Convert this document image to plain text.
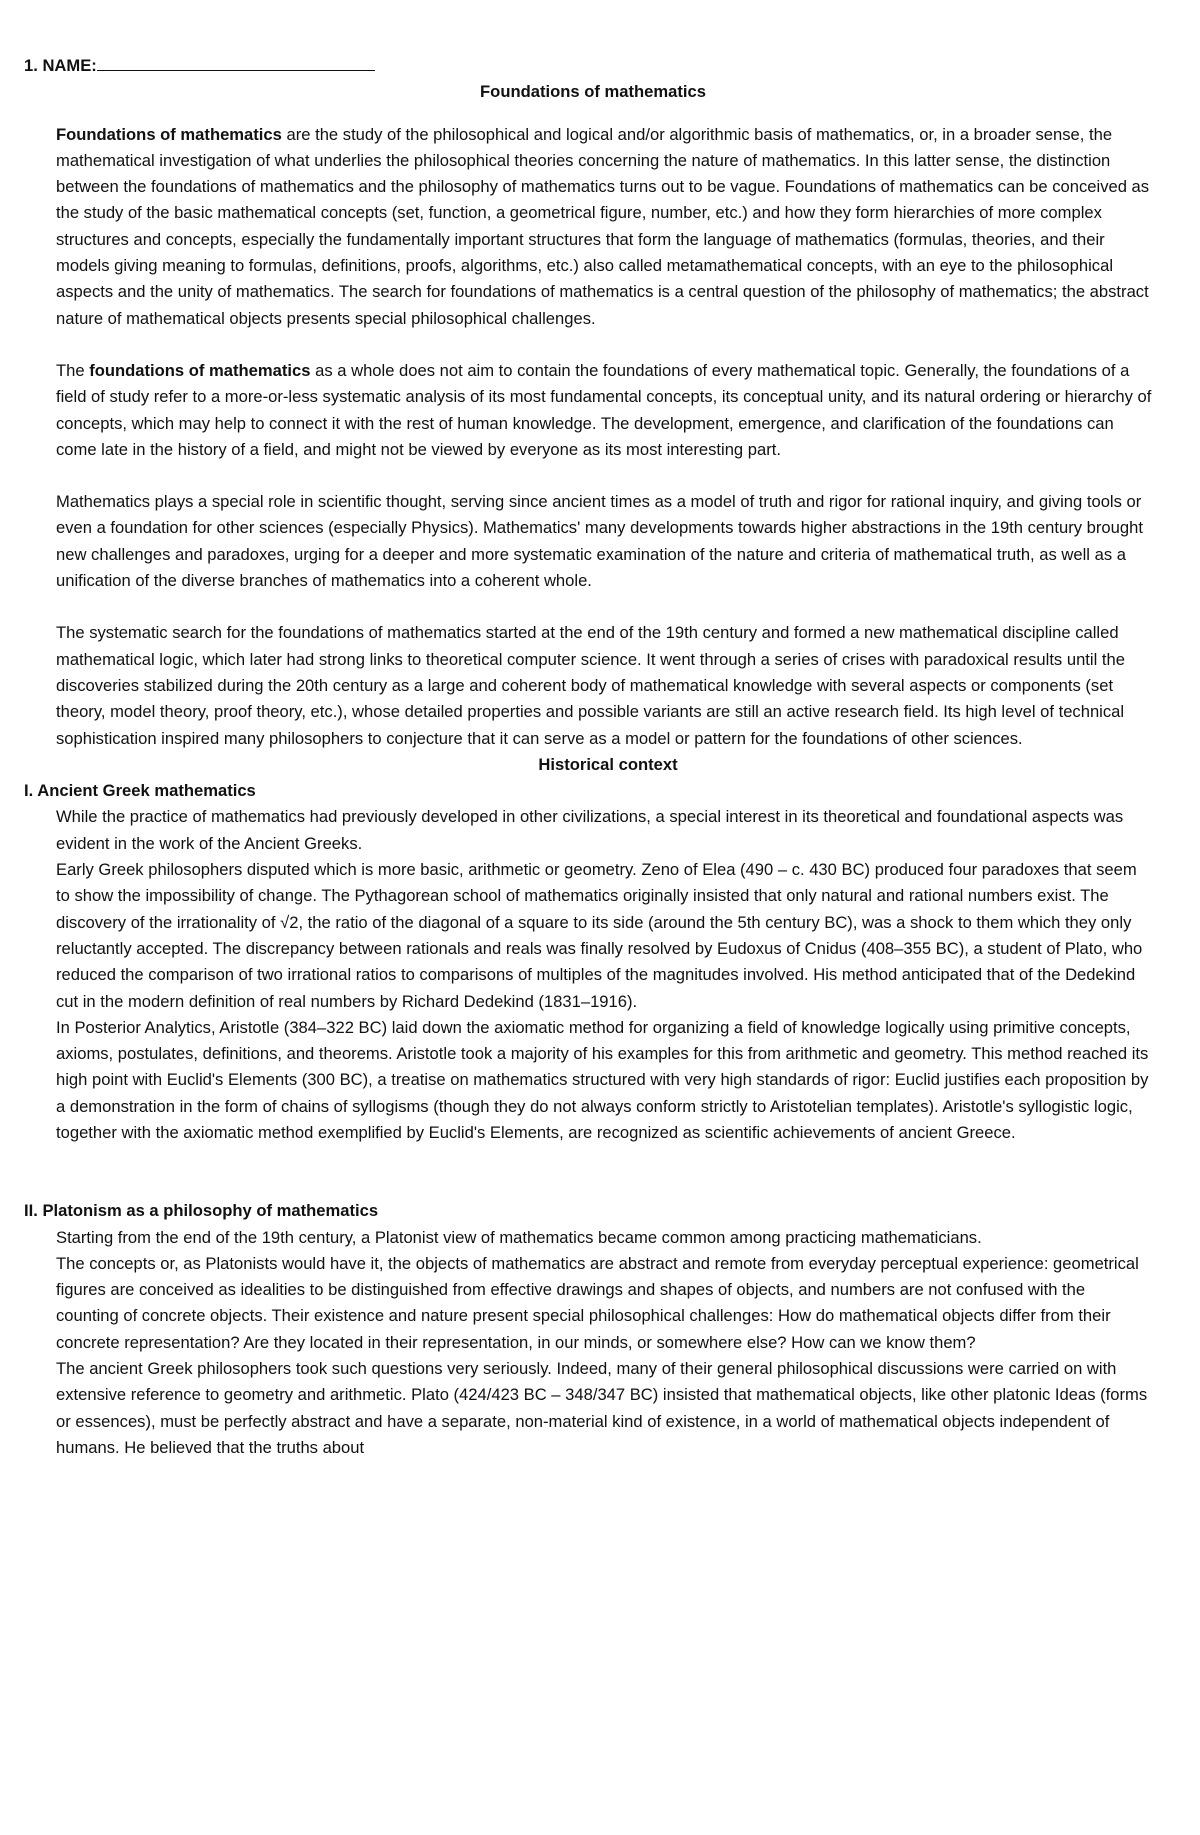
1. NAME:
Foundations of mathematics

Foundations of mathematics are the study of the philosophical and logical and/or algorithmic basis of mathematics, or, in a broader sense, the mathematical investigation of what underlies the philosophical theories concerning the nature of mathematics. In this latter sense, the distinction between the foundations of mathematics and the philosophy of mathematics turns out to be vague. Foundations of mathematics can be conceived as the study of the basic mathematical concepts (set, function, a geometrical figure, number, etc.) and how they form hierarchies of more complex structures and concepts, especially the fundamentally important structures that form the language of mathematics (formulas, theories, and their models giving meaning to formulas, definitions, proofs, algorithms, etc.) also called metamathematical concepts, with an eye to the philosophical aspects and the unity of mathematics. The search for foundations of mathematics is a central question of the philosophy of mathematics; the abstract nature of mathematical objects presents special philosophical challenges.

The foundations of mathematics as a whole does not aim to contain the foundations of every mathematical topic. Generally, the foundations of a field of study refer to a more-or-less systematic analysis of its most fundamental concepts, its conceptual unity, and its natural ordering or hierarchy of concepts, which may help to connect it with the rest of human knowledge. The development, emergence, and clarification of the foundations can come late in the history of a field, and might not be viewed by everyone as its most interesting part.

Mathematics plays a special role in scientific thought, serving since ancient times as a model of truth and rigor for rational inquiry, and giving tools or even a foundation for other sciences (especially Physics). Mathematics' many developments towards higher abstractions in the 19th century brought new challenges and paradoxes, urging for a deeper and more systematic examination of the nature and criteria of mathematical truth, as well as a unification of the diverse branches of mathematics into a coherent whole.

The systematic search for the foundations of mathematics started at the end of the 19th century and formed a new mathematical discipline called mathematical logic, which later had strong links to theoretical computer science. It went through a series of crises with paradoxical results until the discoveries stabilized during the 20th century as a large and coherent body of mathematical knowledge with several aspects or components (set theory, model theory, proof theory, etc.), whose detailed properties and possible variants are still an active research field. Its high level of technical sophistication inspired many philosophers to conjecture that it can serve as a model or pattern for the foundations of other sciences.

Historical context
I. Ancient Greek mathematics

While the practice of mathematics had previously developed in other civilizations, a special interest in its theoretical and foundational aspects was evident in the work of the Ancient Greeks.

Early Greek philosophers disputed which is more basic, arithmetic or geometry. Zeno of Elea (490 – c. 430 BC) produced four paradoxes that seem to show the impossibility of change. The Pythagorean school of mathematics originally insisted that only natural and rational numbers exist. The discovery of the irrationality of √2, the ratio of the diagonal of a square to its side (around the 5th century BC), was a shock to them which they only reluctantly accepted. The discrepancy between rationals and reals was finally resolved by Eudoxus of Cnidus (408–355 BC), a student of Plato, who reduced the comparison of two irrational ratios to comparisons of multiples of the magnitudes involved. His method anticipated that of the Dedekind cut in the modern definition of real numbers by Richard Dedekind (1831–1916).

In Posterior Analytics, Aristotle (384–322 BC) laid down the axiomatic method for organizing a field of knowledge logically using primitive concepts, axioms, postulates, definitions, and theorems. Aristotle took a majority of his examples for this from arithmetic and geometry. This method reached its high point with Euclid's Elements (300 BC), a treatise on mathematics structured with very high standards of rigor: Euclid justifies each proposition by a demonstration in the form of chains of syllogisms (though they do not always conform strictly to Aristotelian templates). Aristotle's syllogistic logic, together with the axiomatic method exemplified by Euclid's Elements, are recognized as scientific achievements of ancient Greece.

II. Platonism as a philosophy of mathematics

Starting from the end of the 19th century, a Platonist view of mathematics became common among practicing mathematicians.

The concepts or, as Platonists would have it, the objects of mathematics are abstract and remote from everyday perceptual experience: geometrical figures are conceived as idealities to be distinguished from effective drawings and shapes of objects, and numbers are not confused with the counting of concrete objects. Their existence and nature present special philosophical challenges: How do mathematical objects differ from their concrete representation? Are they located in their representation, in our minds, or somewhere else? How can we know them?

The ancient Greek philosophers took such questions very seriously. Indeed, many of their general philosophical discussions were carried on with extensive reference to geometry and arithmetic. Plato (424/423 BC – 348/347 BC) insisted that mathematical objects, like other platonic Ideas (forms or essences), must be perfectly abstract and have a separate, non-material kind of existence, in a world of mathematical objects independent of humans. He believed that the truths about
